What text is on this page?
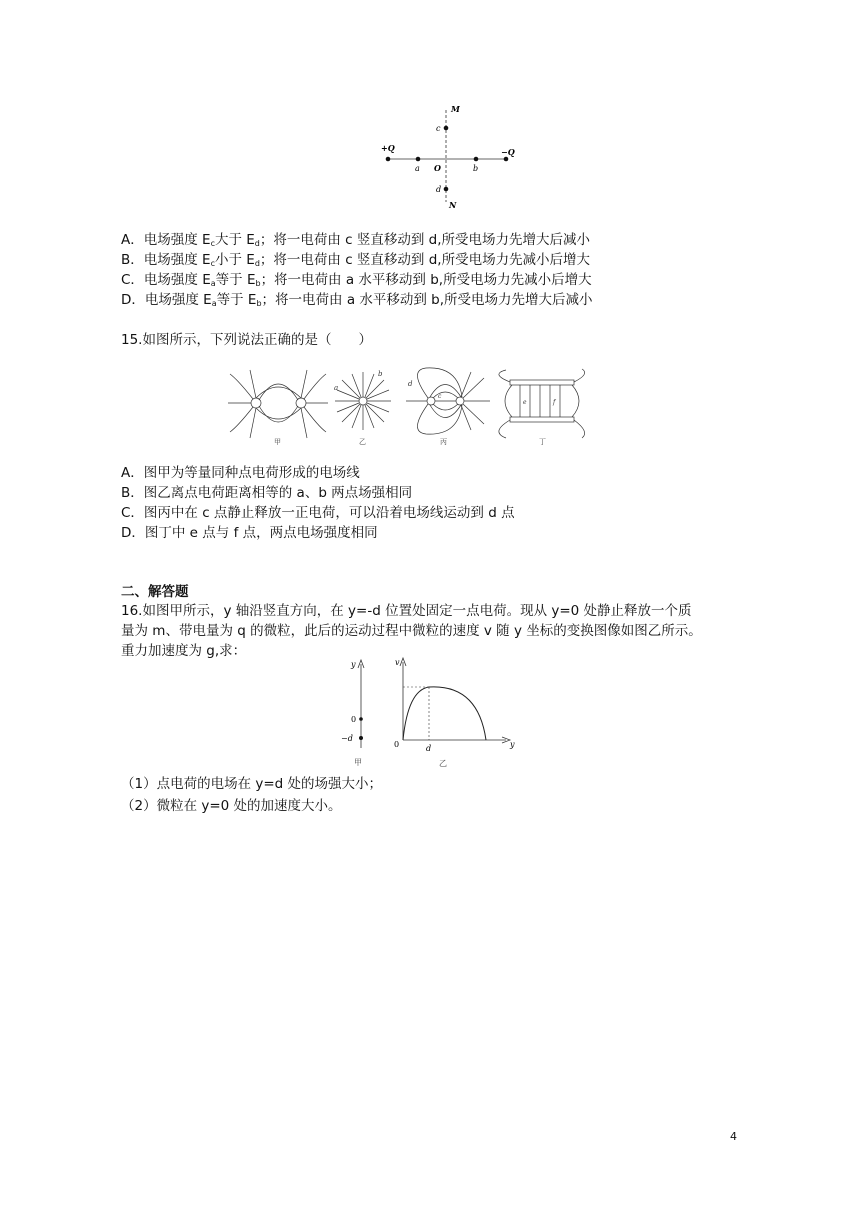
M
c
+Q	−Q
O
a	b
d
N
A．电场强度 $E_c$大于 $E_d$；将一电荷由 c 竖直移动到 d,所受电场力先增大后减小
B．电场强度 $E_c$小于 $E_d$；将一电荷由 c 竖直移动到 d,所受电场力先减小后增大
C．电场强度 $E_a$等于 $E_b$；将一电荷由 a 水平移动到 b,所受电场力先减小后增大
D．电场强度 $E_a$等于 $E_b$；将一电荷由 a 水平移动到 b,所受电场力先增大后减小
15.如图所示，下列说法正确的是（　　）
甲
a
b
乙
c
d
丙
e	f
丁
A．图甲为等量同种点电荷形成的电场线
B．图乙离点电荷距离相等的 a、b 两点场强相同
C．图丙中在 c 点静止释放一正电荷，可以沿着电场线运动到 d 点
D．图丁中 e 点与 f 点，两点电场强度相同
二、解答题
16.如图甲所示，y 轴沿竖直方向，在 y=-d 位置处固定一点电荷。现从 y=0 处静止释放一个质
量为 m、带电量为 q 的微粒，此后的运动过程中微粒的速度 v 随 y 坐标的变换图像如图乙所示。
重力加速度为 g,求：
y
0
−d
甲
v
0	d	y
乙
（1）点电荷的电场在 y=d 处的场强大小；
（2）微粒在 y=0 处的加速度大小。
4
